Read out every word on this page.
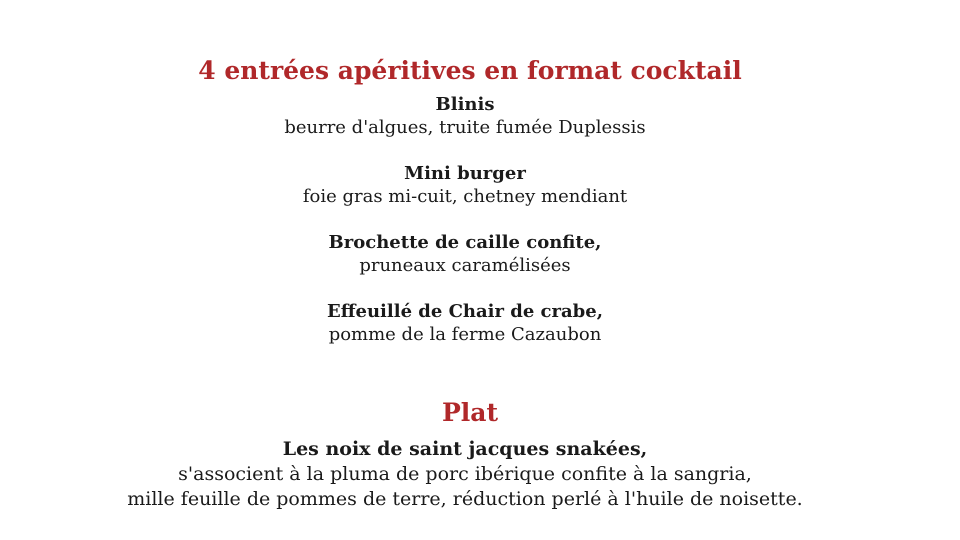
4 entrées apéritives en format cocktail
Blinis
beurre d'algues, truite fumée Duplessis
Mini burger
foie gras mi-cuit, chetney mendiant
Brochette de caille confite,
pruneaux caramélisées
Effeuillé de Chair de crabe,
pomme de la ferme Cazaubon
Plat
Les noix de saint jacques snakées,
s'associent à la pluma de porc ibérique confite à la sangria,
mille feuille de pommes de terre, réduction perlé à l'huile de noisette.
